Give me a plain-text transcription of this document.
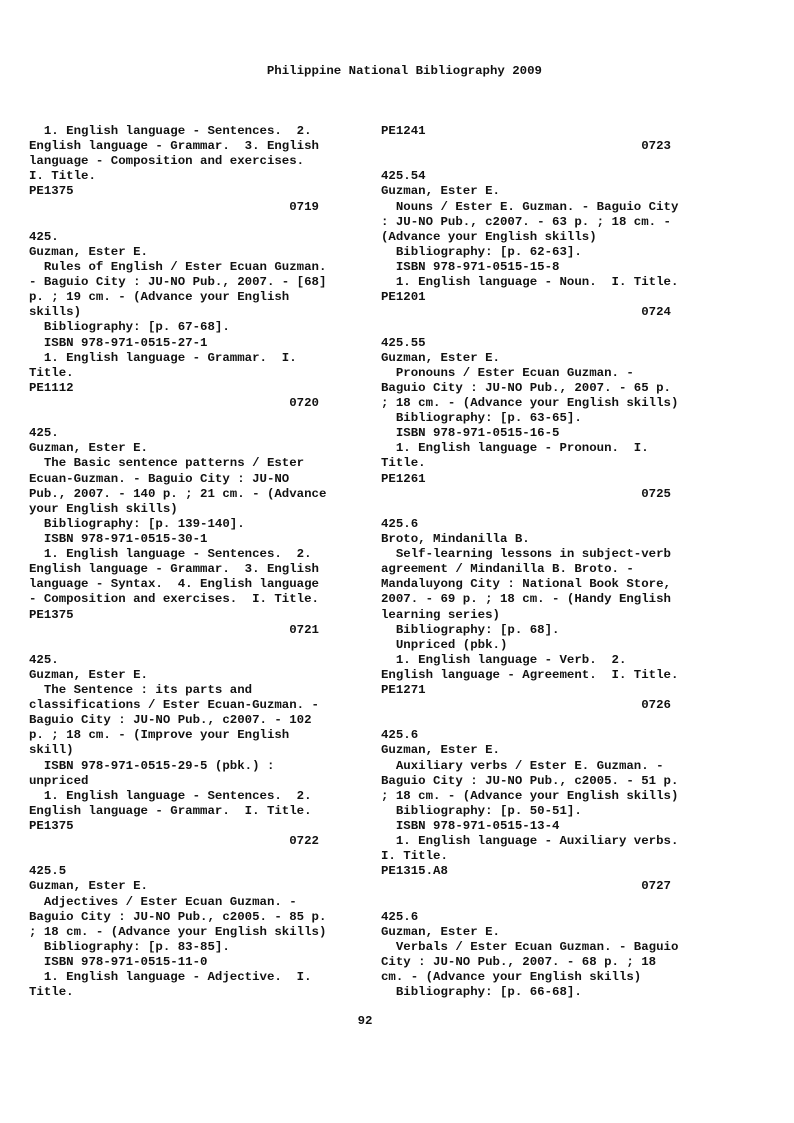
Philippine National Bibliography 2009

1. English language - Sentences.  2.
English language - Grammar.  3. English
language - Composition and exercises.
I. Title.
PE1375
0719
425.
Guzman, Ester E.
Rules of English / Ester Ecuan Guzman.
- Baguio City : JU-NO Pub., 2007. - [68]
p. ; 19 cm. - (Advance your English
skills)
Bibliography: [p. 67-68].
ISBN 978-971-0515-27-1
1. English language - Grammar.  I.
Title.
PE1112
0720
425.
Guzman, Ester E.
The Basic sentence patterns / Ester
Ecuan-Guzman. - Baguio City : JU-NO
Pub., 2007. - 140 p. ; 21 cm. - (Advance
your English skills)
Bibliography: [p. 139-140].
ISBN 978-971-0515-30-1
1. English language - Sentences.  2.
English language - Grammar.  3. English
language - Syntax.  4. English language
- Composition and exercises.  I. Title.
PE1375
0721
425.
Guzman, Ester E.
The Sentence : its parts and
classifications / Ester Ecuan-Guzman. -
Baguio City : JU-NO Pub., c2007. - 102
p. ; 18 cm. - (Improve your English
skill)
ISBN 978-971-0515-29-5 (pbk.) :
unpriced
1. English language - Sentences.  2.
English language - Grammar.  I. Title.
PE1375
0722
425.5
Guzman, Ester E.
Adjectives / Ester Ecuan Guzman. -
Baguio City : JU-NO Pub., c2005. - 85 p.
; 18 cm. - (Advance your English skills)
Bibliography: [p. 83-85].
ISBN 978-971-0515-11-0
1. English language - Adjective.  I.
Title.
PE1241
0723
425.54
Guzman, Ester E.
Nouns / Ester E. Guzman. - Baguio City
: JU-NO Pub., c2007. - 63 p. ; 18 cm. -
(Advance your English skills)
Bibliography: [p. 62-63].
ISBN 978-971-0515-15-8
1. English language - Noun.  I. Title.
PE1201
0724
425.55
Guzman, Ester E.
Pronouns / Ester Ecuan Guzman. -
Baguio City : JU-NO Pub., 2007. - 65 p.
; 18 cm. - (Advance your English skills)
Bibliography: [p. 63-65].
ISBN 978-971-0515-16-5
1. English language - Pronoun.  I.
Title.
PE1261
0725
425.6
Broto, Mindanilla B.
Self-learning lessons in subject-verb
agreement / Mindanilla B. Broto. -
Mandaluyong City : National Book Store,
2007. - 69 p. ; 18 cm. - (Handy English
learning series)
Bibliography: [p. 68].
Unpriced (pbk.)
1. English language - Verb.  2.
English language - Agreement.  I. Title.
PE1271
0726
425.6
Guzman, Ester E.
Auxiliary verbs / Ester E. Guzman. -
Baguio City : JU-NO Pub., c2005. - 51 p.
; 18 cm. - (Advance your English skills)
Bibliography: [p. 50-51].
ISBN 978-971-0515-13-4
1. English language - Auxiliary verbs.
I. Title.
PE1315.A8
0727
425.6
Guzman, Ester E.
Verbals / Ester Ecuan Guzman. - Baguio
City : JU-NO Pub., 2007. - 68 p. ; 18
cm. - (Advance your English skills)
Bibliography: [p. 66-68].
92
